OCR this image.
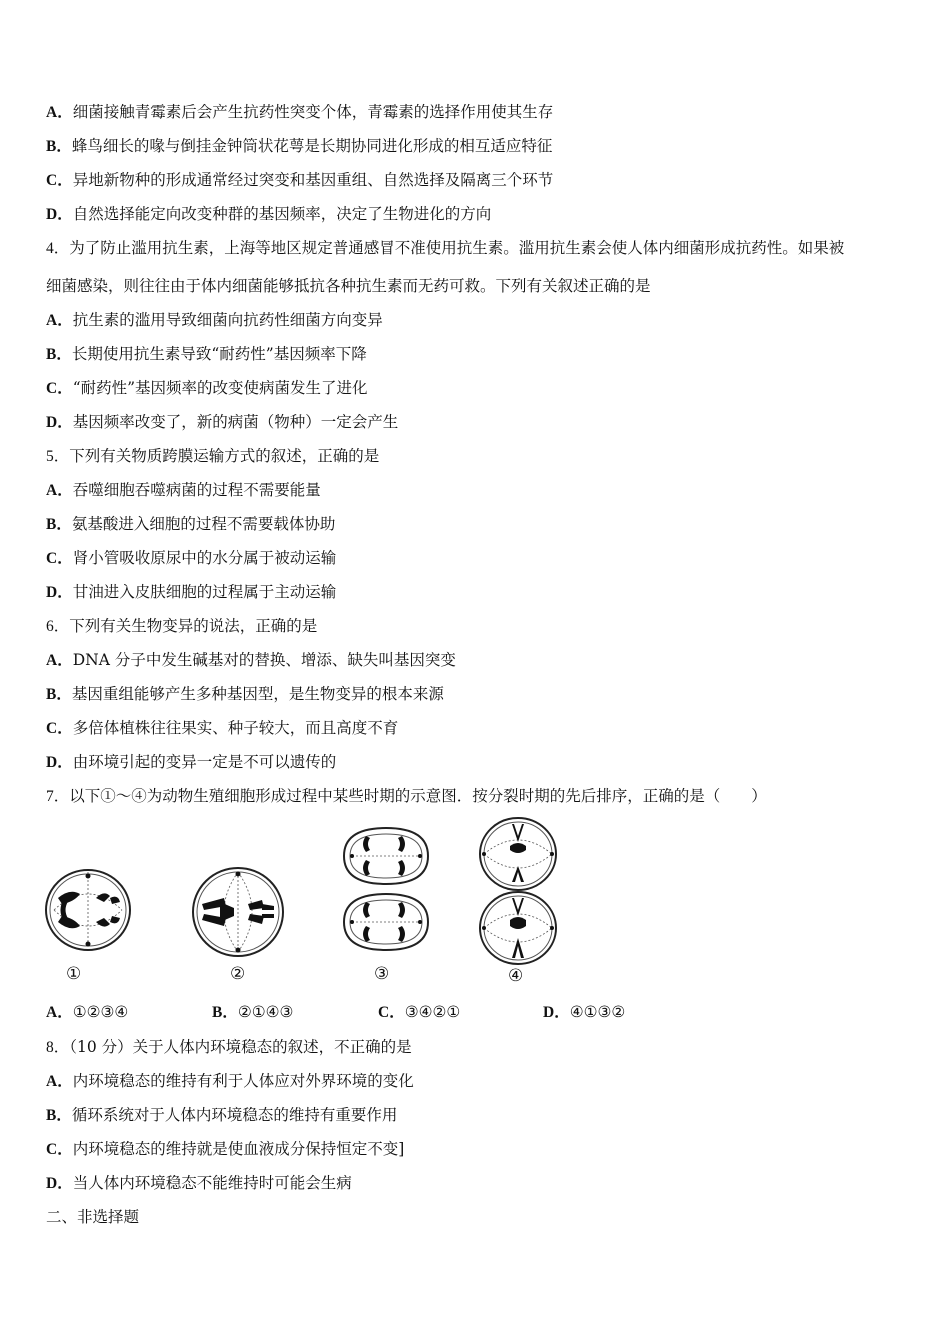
A．细菌接触青霉素后会产生抗药性突变个体，青霉素的选择作用使其生存
B．蜂鸟细长的喙与倒挂金钟筒状花萼是长期协同进化形成的相互适应特征
C．异地新物种的形成通常经过突变和基因重组、自然选择及隔离三个环节
D．自然选择能定向改变种群的基因频率，决定了生物进化的方向
4．为了防止滥用抗生素，上海等地区规定普通感冒不准使用抗生素。滥用抗生素会使人体内细菌形成抗药性。如果被
细菌感染，则往往由于体内细菌能够抵抗各种抗生素而无药可救。下列有关叙述正确的是
A．抗生素的滥用导致细菌向抗药性细菌方向变异
B．长期使用抗生素导致“耐药性”基因频率下降
C．“耐药性”基因频率的改变使病菌发生了进化
D．基因频率改变了，新的病菌（物种）一定会产生
5．下列有关物质跨膜运输方式的叙述，正确的是
A．吞噬细胞吞噬病菌的过程不需要能量
B．氨基酸进入细胞的过程不需要载体协助
C．肾小管吸收原尿中的水分属于被动运输
D．甘油进入皮肤细胞的过程属于主动运输
6．下列有关生物变异的说法，正确的是
A．DNA 分子中发生碱基对的替换、增添、缺失叫基因突变
B．基因重组能够产生多种基因型，是生物变异的根本来源
C．多倍体植株往往果实、种子较大，而且高度不育
D．由环境引起的变异一定是不可以遗传的
7．以下①～④为动物生殖细胞形成过程中某些时期的示意图．按分裂时期的先后排序，正确的是（　　）
①	②	③	④
A．①②③④	B．②①④③	C．③④②①	D．④①③②
8．（10 分）关于人体内环境稳态的叙述，不正确的是
A．内环境稳态的维持有利于人体应对外界环境的变化
B．循环系统对于人体内环境稳态的维持有重要作用
C．内环境稳态的维持就是使血液成分保持恒定不变]
D．当人体内环境稳态不能维持时可能会生病
二、非选择题
